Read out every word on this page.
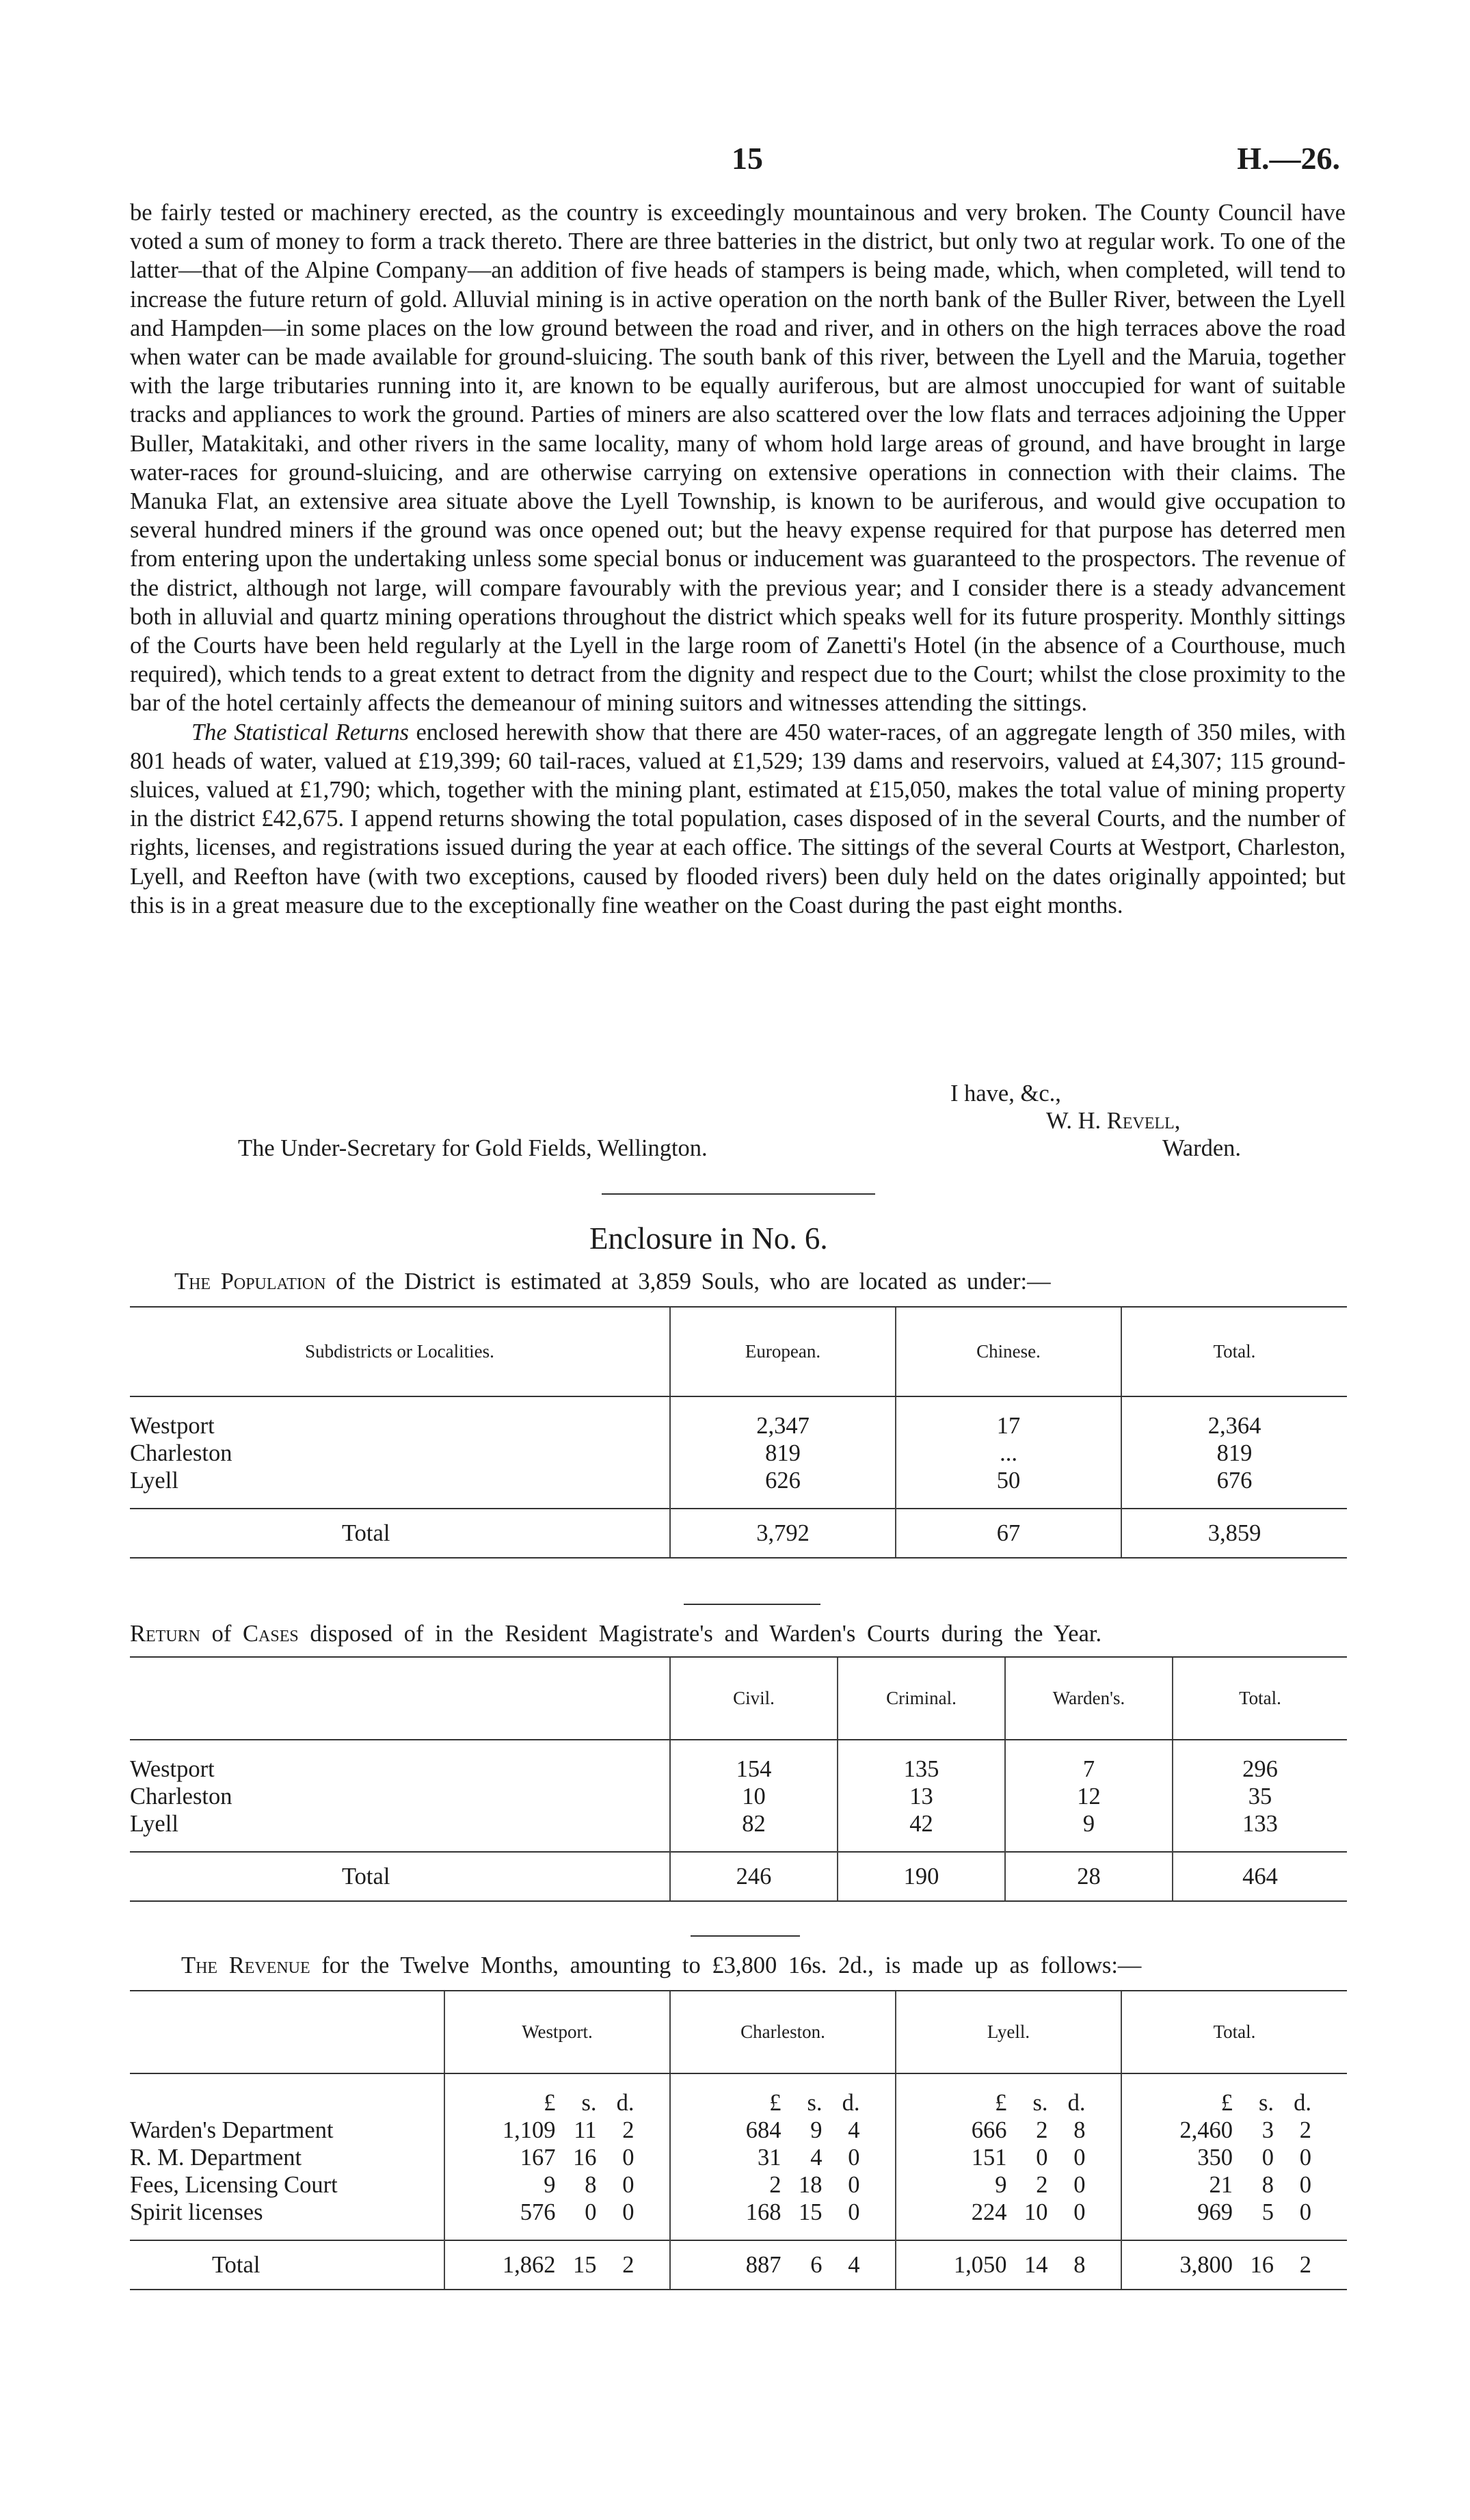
15	H.—26.

be fairly tested or machinery erected, as the country is exceedingly mountainous and very broken. The County Council have voted a sum of money to form a track thereto. There are three batteries in the district, but only two at regular work. To one of the latter—that of the Alpine Company—an addition of five heads of stampers is being made, which, when completed, will tend to increase the future return of gold. Alluvial mining is in active operation on the north bank of the Buller River, between the Lyell and Hampden—in some places on the low ground between the road and river, and in others on the high terraces above the road when water can be made available for ground-sluicing. The south bank of this river, between the Lyell and the Maruia, together with the large tributaries running into it, are known to be equally auriferous, but are almost unoccupied for want of suitable tracks and appliances to work the ground. Parties of miners are also scattered over the low flats and terraces adjoining the Upper Buller, Matakitaki, and other rivers in the same locality, many of whom hold large areas of ground, and have brought in large water-races for ground-sluicing, and are otherwise carrying on extensive operations in connection with their claims. The Manuka Flat, an extensive area situate above the Lyell Township, is known to be auriferous, and would give occupation to several hundred miners if the ground was once opened out; but the heavy expense required for that purpose has deterred men from entering upon the undertaking unless some special bonus or inducement was guaranteed to the prospectors. The revenue of the district, although not large, will compare favourably with the previous year; and I consider there is a steady advancement both in alluvial and quartz mining operations throughout the district which speaks well for its future prosperity. Monthly sittings of the Courts have been held regularly at the Lyell in the large room of Zanetti's Hotel (in the absence of a Courthouse, much required), which tends to a great extent to detract from the dignity and respect due to the Court; whilst the close proximity to the bar of the hotel certainly affects the demeanour of mining suitors and witnesses attending the sittings.

The Statistical Returns enclosed herewith show that there are 450 water-races, of an aggregate length of 350 miles, with 801 heads of water, valued at £19,399; 60 tail-races, valued at £1,529; 139 dams and reservoirs, valued at £4,307; 115 ground-sluices, valued at £1,790; which, together with the mining plant, estimated at £15,050, makes the total value of mining property in the district £42,675. I append returns showing the total population, cases disposed of in the several Courts, and the number of rights, licenses, and registrations issued during the year at each office. The sittings of the several Courts at Westport, Charleston, Lyell, and Reefton have (with two exceptions, caused by flooded rivers) been duly held on the dates originally appointed; but this is in a great measure due to the exceptionally fine weather on the Coast during the past eight months.

I have, &c.,
W. H. Revell,
The Under-Secretary for Gold Fields, Wellington.	Warden.
Enclosure in No. 6.
The Population of the District is estimated at 3,859 Souls, who are located as under:—
Subdistricts or Localities.	European.	Chinese.	Total.
Westport	2,347	17	2,364
Charleston	819	...	819
Lyell	626	50	676
Total	3,792	67	3,859
Return of Cases disposed of in the Resident Magistrate's and Warden's Courts during the Year.
	Civil.	Criminal.	Warden's.	Total.
Westport	154	135	7	296
Charleston	10	13	12	35
Lyell	82	42	9	133
Total	246	190	28	464
The Revenue for the Twelve Months, amounting to £3,800 16s. 2d., is made up as follows:—
	Westport.	Charleston.	Lyell.	Total.
	£ s. d.	£ s. d.	£ s. d.	£ s. d.
Warden's Department	1,109 11 2	684 9 4	666 2 8	2,460 3 2
R. M. Department	167 16 0	31 4 0	151 0 0	350 0 0
Fees, Licensing Court	9 8 0	2 18 0	9 2 0	21 8 0
Spirit licenses	576 0 0	168 15 0	224 10 0	969 5 0
Total	1,862 15 2	887 6 4	1,050 14 8	3,800 16 2
